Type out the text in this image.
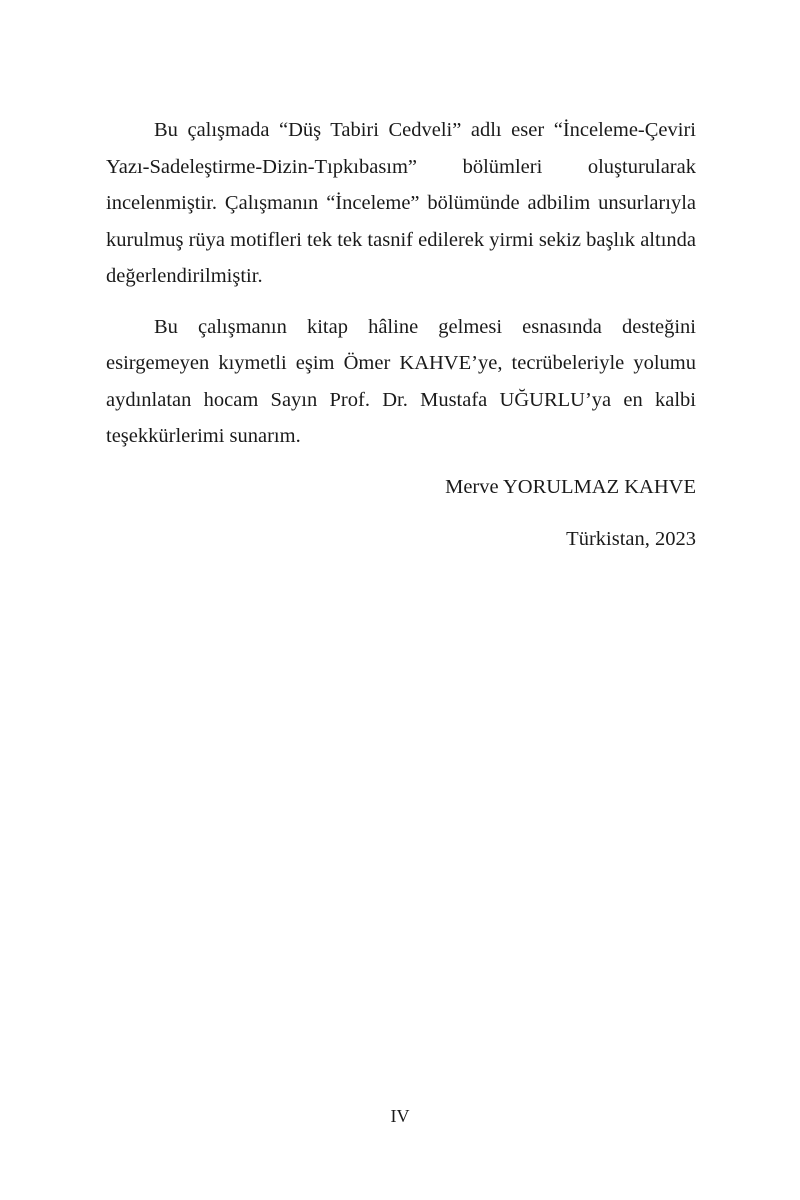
Bu çalışmada “Düş Tabiri Cedveli” adlı eser “İnceleme-Çeviri Yazı-Sadeleştirme-Dizin-Tıpkıbasım” bölümleri oluşturularak incelenmiştir. Çalışmanın “İnceleme” bölümünde adbilim unsurlarıyla kurulmuş rüya motifleri tek tek tasnif edilerek yirmi sekiz başlık altında değerlendirilmiştir.

Bu çalışmanın kitap hâline gelmesi esnasında desteğini esirgemeyen kıymetli eşim Ömer KAHVE’ye, tecrübeleriyle yolumu aydınlatan hocam Sayın Prof. Dr. Mustafa UĞURLU’ya en kalbi teşekkürlerimi sunarım.

Merve YORULMAZ KAHVE

Türkistan, 2023

IV
